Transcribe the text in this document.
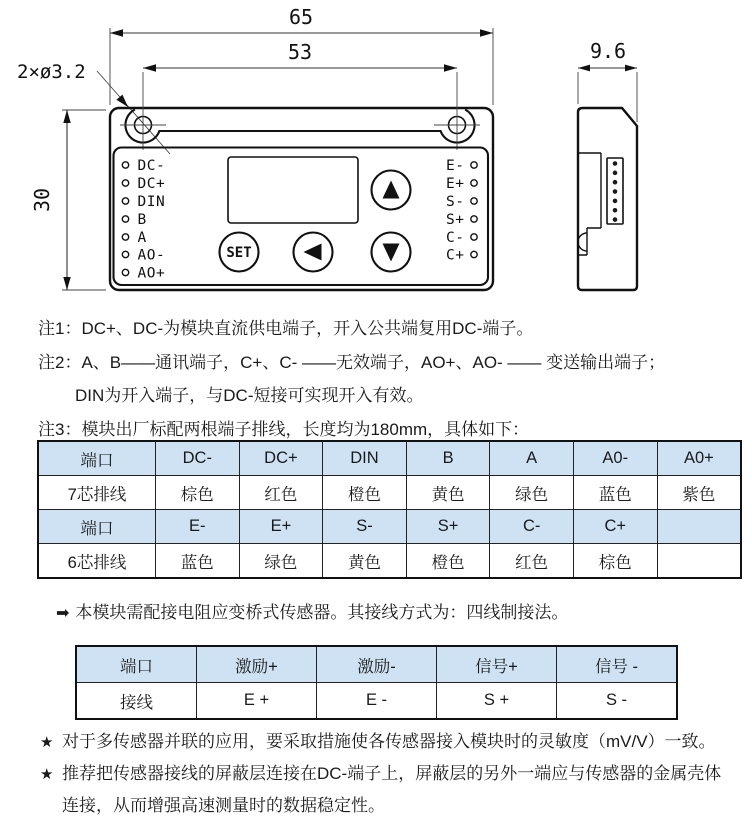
65
53
30
2×ø3.2
SET
DC-
DC+
DIN
B
A
AO-
AO+
E-
E+
S-
S+
C-
C+
9.6
注1：DC+、DC-为模块直流供电端子，开入公共端复用DC-端子。
注2：A、B——通讯端子，C+、C- ——无效端子，AO+、AO- —— 变送输出端子；
DIN为开入端子，与DC-短接可实现开入有效。
注3：模块出厂标配两根端子排线，长度均为180mm，具体如下：
端口	DC-	DC+	DIN	B	A	A0-	A0+
7芯排线	棕色	红色	橙色	黄色	绿色	蓝色	紫色
端口	E-	E+	S-	S+	C-	C+	
6芯排线	蓝色	绿色	黄色	橙色	红色	棕色	
➡ 本模块需配接电阻应变桥式传感器。其接线方式为：四线制接法。
端口	激励+	激励-	信号+	信号 -
接线	E +	E -	S +	S -
★ 对于多传感器并联的应用，要采取措施使各传感器接入模块时的灵敏度（mV/V）一致。
★ 推荐把传感器接线的屏蔽层连接在DC-端子上，屏蔽层的另外一端应与传感器的金属壳体
连接，从而增强高速测量时的数据稳定性。
